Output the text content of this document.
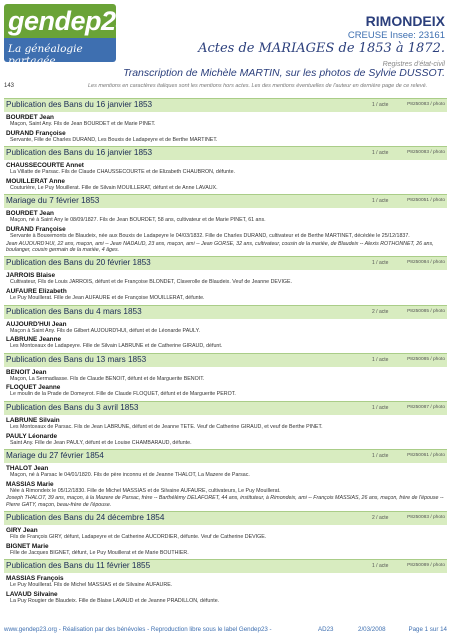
gendep23
La généalogie partagée
RIMONDEIX
CREUSE Insee: 23161
Actes de MARIAGES de 1853 à 1872.
Registres d'état-civil
Transcription de Michèle MARTIN, sur les photos de Sylvie DUSSOT.
143	Les mentions en caractères italiques sont les mentions hors actes. Les des mentions éventuelles de l'auteur en dernière page de ce relevé.
Publication des Bans du 16 janvier 1853	1 / acte	P8250083 / photo
BOURDET Jean
Maçon, Saint Any. Fils de Jean BOURDET et de Marie PINET.
DURAND Françoise
Servante, Fille de Charles DURAND, Les Bouxis de Ladapeyre et de Berthe MARTINET.
Publication des Bans du 16 janvier 1853	1 / acte	P8250083 / photo
CHAUSSECOURTE Annet
La Villatte de Parsac. Fils de Claude CHAUSSECOURTE et de Elizabeth CHAUBRON, défunte.
MOUILLERAT Anne
Couturière, Le Puy Mouillerat. Fille de Silvain MOUILLERAT, défunt et de Anne LAVAUX.
Mariage du 7 février 1853	1 / acte	P8250051 / photo
BOURDET Jean
Maçon, né à Saint Any le 08/09/1827. Fils de Jean BOURDET, 58 ans, cultivateur et de Marie PINET, 61 ans.
DURAND Françoise
Servante à Bouxemonts de Blaudeix, née aux Bouxis de Ladapeyre le 04/03/1832. Fille de Charles DURAND, cultivateur et de Berthe MARTINET, décédée le 25/12/1837.
Jean AUJOURD'HUI, 22 ans, maçon, ami -- Jean NADAUD, 23 ans, maçon, ami -- Jean GORSE, 32 ans, cultivateur, cousin de la mariée, de Blaudeix -- Alexis ROTHONNET, 26 ans, boulanger, cousin germain de la mariée, 4 âges.
Publication des Bans du 20 février 1853	1 / acte	P8250084 / photo
JARROIS Blaise
Cultivateur, Fils de Louis JARROIS, défunt et de Françoise BLONDET, Claverolle de Blaudeix. Veuf de Jeanne DEVIGE.
AUFAURE Elizabeth
Le Puy Mouillerat. Fille de Jean AUFAURE et de Françoise MOUILLERAT, défunte.
Publication des Bans du 4 mars 1853	2 / acte	P8250085 / photo
AUJOURD'HUI Jean
Maçon à Saint Any. Fils de Gilbert AUJOURD'HUI, défunt et de Léonarde PAULY.
LABRUNE Jeanne
Les Montceaux de Ladapeyre. Fille de Silvain LABRUNE et de Catherine GIRAUD, défunt.
Publication des Bans du 13 mars 1853	1 / acte	P8250085 / photo
BENOIT Jean
Maçon, La Sermadiasse. Fils de Claude BENOIT, défunt et de Marguerite BENOIT.
FLOQUET Jeanne
Le moulin de la Prade de Domeyrot. Fille de Claude FLOQUET, défunt et de Marguerite PEROT.
Publication des Bans du 3 avril 1853	1 / acte	P8250087 / photo
LABRUNE Silvain
Les Montceaux de Parsac. Fils de Jean LABRUNE, défunt et de Jeanne TETE. Veuf de Catherine GIRAUD, et veuf de Berthe PINET.
PAULY Léonarde
Saint Any. Fille de Jean PAULY, défunt et de Louise CHAMBARAUD, défunte.
Mariage du 27 février 1854	1 / acte	P8250061 / photo
THALOT Jean
Maçon, né à Parsac le 04/01/1820. Fils de père inconnu et de Jeanne THALOT, La Mazere de Parsac.
MASSIAS Marie
Née à Rimondeix le 05/12/1830. Fille de Michel MASSIAS et de Silvaine AUFAURE, cultivateurs, Le Puy Mouillerat.
Joseph THALOT, 39 ans, maçon, à la Mazere de Parsac, frère -- Barthélémy DELAFORET, 44 ans, instituteur, à Rimondeix, ami -- François MASSIAS, 26 ans, maçon, frère de l'épouse -- Pierre GATY, maçon, beau-frère de l'épouse.
Publication des Bans du 24 décembre 1854	2 / acte	P8250083 / photo
GIRY Jean
Fils de François GIRY, défunt, Ladapeyre et de Catherine AUCORDIER, défunte. Veuf de Catherine DEVIGE.
BIGNET Marie
Fille de Jacques BIGNET, défunt, Le Puy Mouillerat et de Marie BOUTHIER.
Publication des Bans du 11 février 1855	1 / acte	P8250089 / photo
MASSIAS François
Le Puy Mouillerat. Fils de Michel MASSIAS et de Silvaine AUFAURE.
LAVAUD Silvaine
La Puy Rougier de Blaudeix. Fille de Blaise LAVAUD et de Jeanne PRADILLON, défunte.
www.gendep23.org - Réalisation par des bénévoles - Reproduction libre sous le label Gendep23 -	AD23	2/03/2008	Page 1 sur 14
